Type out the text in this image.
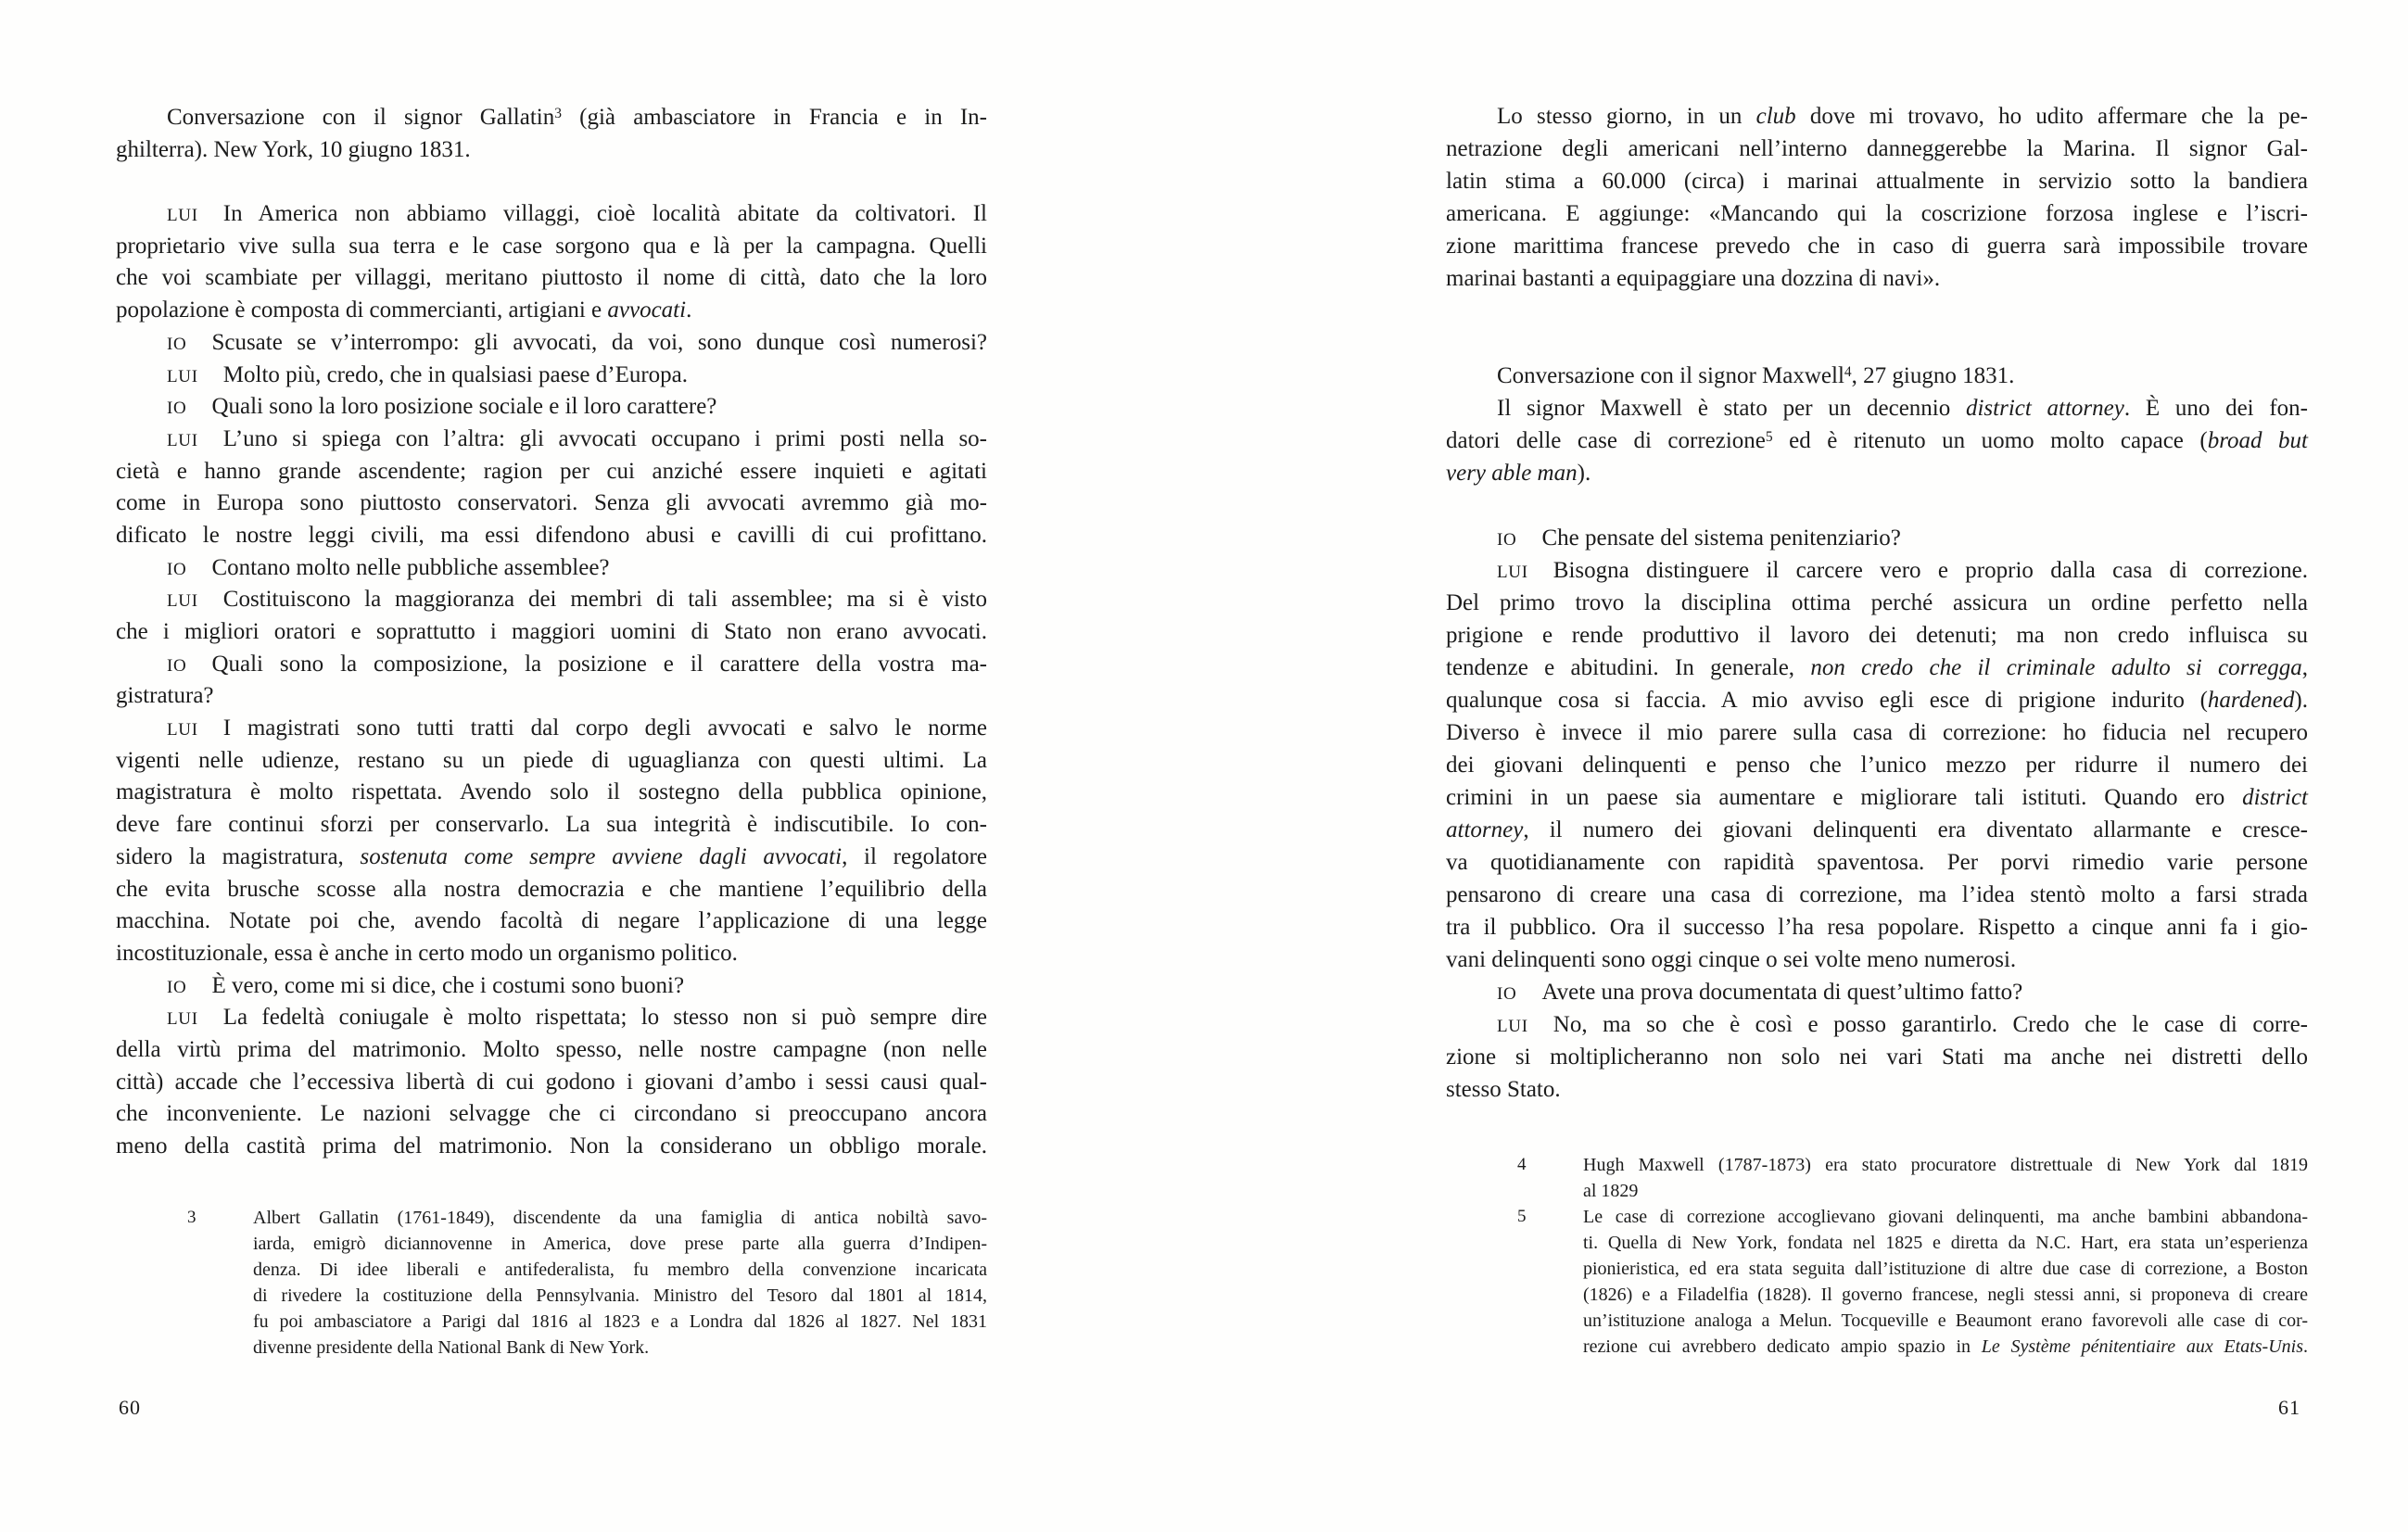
Conversazione con il signor Gallatin$^3$ (già ambasciatore in Francia e in In-
ghilterra). New York, 10 giugno 1831.
LUI In America non abbiamo villaggi, cioè località abitate da coltivatori. Il
proprietario vive sulla sua terra e le case sorgono qua e là per la campagna. Quelli
che voi scambiate per villaggi, meritano piuttosto il nome di città, dato che la loro
popolazione è composta di commercianti, artigiani e avvocati.
IO Scusate se v’interrompo: gli avvocati, da voi, sono dunque così numerosi?
LUI Molto più, credo, che in qualsiasi paese d’Europa.
IO Quali sono la loro posizione sociale e il loro carattere?
LUI L’uno si spiega con l’altra: gli avvocati occupano i primi posti nella so-
cietà e hanno grande ascendente; ragion per cui anziché essere inquieti e agitati
come in Europa sono piuttosto conservatori. Senza gli avvocati avremmo già mo-
dificato le nostre leggi civili, ma essi difendono abusi e cavilli di cui profittano.
IO Contano molto nelle pubbliche assemblee?
LUI Costituiscono la maggioranza dei membri di tali assemblee; ma si è visto
che i migliori oratori e soprattutto i maggiori uomini di Stato non erano avvocati.
IO Quali sono la composizione, la posizione e il carattere della vostra ma-
gistratura?
LUI I magistrati sono tutti tratti dal corpo degli avvocati e salvo le norme
vigenti nelle udienze, restano su un piede di uguaglianza con questi ultimi. La
magistratura è molto rispettata. Avendo solo il sostegno della pubblica opinione,
deve fare continui sforzi per conservarlo. La sua integrità è indiscutibile. Io con-
sidero la magistratura, sostenuta come sempre avviene dagli avvocati, il regolatore
che evita brusche scosse alla nostra democrazia e che mantiene l’equilibrio della
macchina. Notate poi che, avendo facoltà di negare l’applicazione di una legge
incostituzionale, essa è anche in certo modo un organismo politico.
IO È vero, come mi si dice, che i costumi sono buoni?
LUI La fedeltà coniugale è molto rispettata; lo stesso non si può sempre dire
della virtù prima del matrimonio. Molto spesso, nelle nostre campagne (non nelle
città) accade che l’eccessiva libertà di cui godono i giovani d’ambo i sessi causi qual-
che inconveniente. Le nazioni selvagge che ci circondano si preoccupano ancora
meno della castità prima del matrimonio. Non la considerano un obbligo morale.
3	Albert Gallatin (1761-1849), discendente da una famiglia di antica nobiltà savo-
iarda, emigrò diciannovenne in America, dove prese parte alla guerra d’Indipen-
denza. Di idee liberali e antifederalista, fu membro della convenzione incaricata
di rivedere la costituzione della Pennsylvania. Ministro del Tesoro dal 1801 al 1814,
fu poi ambasciatore a Parigi dal 1816 al 1823 e a Londra dal 1826 al 1827. Nel 1831
divenne presidente della National Bank di New York.
60
Lo stesso giorno, in un club dove mi trovavo, ho udito affermare che la pe-
netrazione degli americani nell’interno danneggerebbe la Marina. Il signor Gal-
latin stima a 60.000 (circa) i marinai attualmente in servizio sotto la bandiera
americana. E aggiunge: «Mancando qui la coscrizione forzosa inglese e l’iscri-
zione marittima francese prevedo che in caso di guerra sarà impossibile trovare
marinai bastanti a equipaggiare una dozzina di navi».
Conversazione con il signor Maxwell$^4$, 27 giugno 1831.
Il signor Maxwell è stato per un decennio district attorney. È uno dei fon-
datori delle case di correzione$^5$ ed è ritenuto un uomo molto capace (broad but
very able man).
IO Che pensate del sistema penitenziario?
LUI Bisogna distinguere il carcere vero e proprio dalla casa di correzione.
Del primo trovo la disciplina ottima perché assicura un ordine perfetto nella
prigione e rende produttivo il lavoro dei detenuti; ma non credo influisca su
tendenze e abitudini. In generale, non credo che il criminale adulto si corregga,
qualunque cosa si faccia. A mio avviso egli esce di prigione indurito (hardened).
Diverso è invece il mio parere sulla casa di correzione: ho fiducia nel recupero
dei giovani delinquenti e penso che l’unico mezzo per ridurre il numero dei
crimini in un paese sia aumentare e migliorare tali istituti. Quando ero district
attorney, il numero dei giovani delinquenti era diventato allarmante e cresce-
va quotidianamente con rapidità spaventosa. Per porvi rimedio varie persone
pensarono di creare una casa di correzione, ma l’idea stentò molto a farsi strada
tra il pubblico. Ora il successo l’ha resa popolare. Rispetto a cinque anni fa i gio-
vani delinquenti sono oggi cinque o sei volte meno numerosi.
IO Avete una prova documentata di quest’ultimo fatto?
LUI No, ma so che è così e posso garantirlo. Credo che le case di corre-
zione si moltiplicheranno non solo nei vari Stati ma anche nei distretti dello
stesso Stato.
4	Hugh Maxwell (1787-1873) era stato procuratore distrettuale di New York dal 1819
al 1829
5	Le case di correzione accoglievano giovani delinquenti, ma anche bambini abbandona-
ti. Quella di New York, fondata nel 1825 e diretta da N.C. Hart, era stata un’esperienza
pionieristica, ed era stata seguita dall’istituzione di altre due case di correzione, a Boston
(1826) e a Filadelfia (1828). Il governo francese, negli stessi anni, si proponeva di creare
un’istituzione analoga a Melun. Tocqueville e Beaumont erano favorevoli alle case di cor-
rezione cui avrebbero dedicato ampio spazio in Le Système pénitentiaire aux Etats-Unis.
61
